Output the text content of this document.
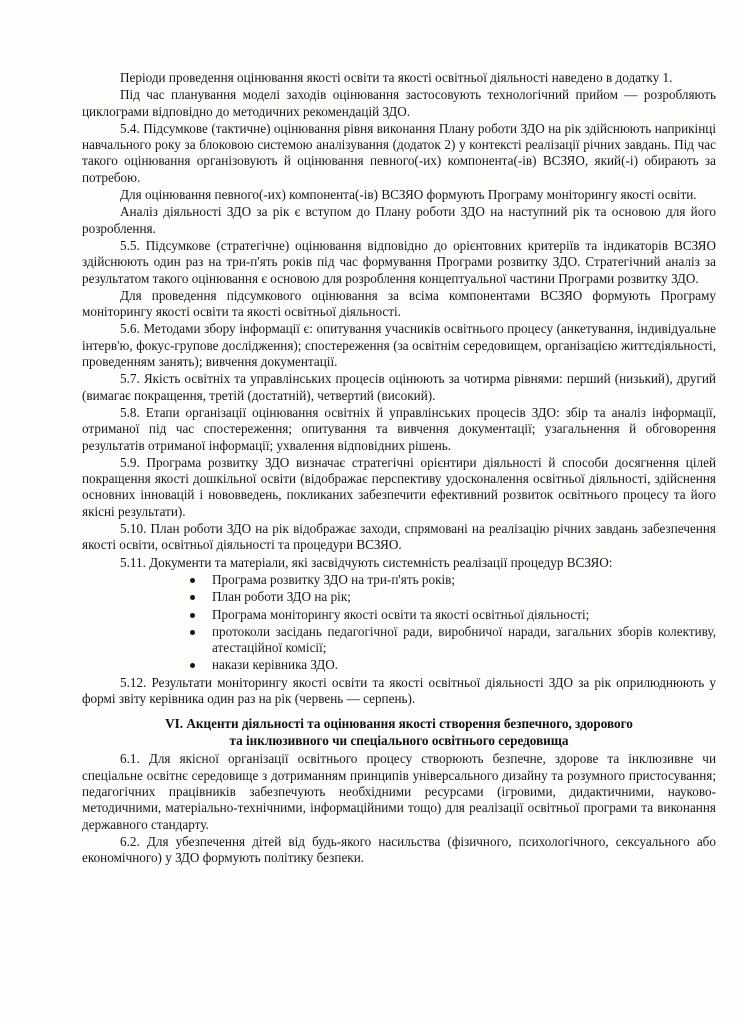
Періоди проведення оцінювання якості освіти та якості освітньої діяльності наведено в додатку 1.

Під час планування моделі заходів оцінювання застосовують технологічний прийом — розробляють циклограми відповідно до методичних рекомендацій ЗДО.

5.4. Підсумкове (тактичне) оцінювання рівня виконання Плану роботи ЗДО на рік здійснюють наприкінці навчального року за блоковою системою аналізування (додаток 2) у контексті реалізації річних завдань. Під час такого оцінювання організовують й оцінювання певного(-их) компонента(-ів) ВСЗЯО, який(-і) обирають за потребою.

Для оцінювання певного(-их) компонента(-ів) ВСЗЯО формують Програму моніторингу якості освіти.

Аналіз діяльності ЗДО за рік є вступом до Плану роботи ЗДО на наступний рік та основою для його розроблення.

5.5. Підсумкове (стратегічне) оцінювання відповідно до орієнтовних критеріїв та індикаторів ВСЗЯО здійснюють один раз на три-п'ять років під час формування Програми розвитку ЗДО. Стратегічний аналіз за результатом такого оцінювання є основою для розроблення концептуальної частини Програми розвитку ЗДО.

Для проведення підсумкового оцінювання за всіма компонентами ВСЗЯО формують Програму моніторингу якості освіти та якості освітньої діяльності.

5.6. Методами збору інформації є: опитування учасників освітнього процесу (анкетування, індивідуальне інтерв'ю, фокус-групове дослідження); спостереження (за освітнім середовищем, організацією життєдіяльності, проведенням занять); вивчення документації.

5.7. Якість освітніх та управлінських процесів оцінюють за чотирма рівнями: перший (низький), другий (вимагає покращення, третій (достатній), четвертий (високий).

5.8. Етапи організації оцінювання освітніх й управлінських процесів ЗДО: збір та аналіз інформації, отриманої під час спостереження; опитування та вивчення документації; узагальнення й обговорення результатів отриманої інформації; ухвалення відповідних рішень.

5.9. Програма розвитку ЗДО визначає стратегічні орієнтири діяльності й способи досягнення цілей покращення якості дошкільної освіти (відображає перспективу удосконалення освітньої діяльності, здійснення основних інновацій і нововведень, покликаних забезпечити ефективний розвиток освітнього процесу та його якісні результати).

5.10. План роботи ЗДО на рік відображає заходи, спрямовані на реалізацію річних завдань забезпечення якості освіти, освітньої діяльності та процедури ВСЗЯО.

5.11. Документи та матеріали, які засвідчують системність реалізації процедур ВСЗЯО:

Програма розвитку ЗДО на три-п'ять років;
План роботи ЗДО на рік;
Програма моніторингу якості освіти та якості освітньої діяльності;
протоколи засідань педагогічної ради, виробничої наради, загальних зборів колективу, атестаційної комісії;
накази керівника ЗДО.

5.12. Результати моніторингу якості освіти та якості освітньої діяльності ЗДО за рік оприлюднюють у формі звіту керівника один раз на рік (червень — серпень).

VI. Акценти діяльності та оцінювання якості створення безпечного, здорового
та інклюзивного чи спеціального освітнього середовища

6.1. Для якісної організації освітнього процесу створюють безпечне, здорове та інклюзивне чи спеціальне освітнє середовище з дотриманням принципів універсального дизайну та розумного пристосування; педагогічних працівників забезпечують необхідними ресурсами (ігровими, дидактичними, науково-методичними, матеріально-технічними, інформаційними тощо) для реалізації освітньої програми та виконання державного стандарту.

6.2. Для убезпечення дітей від будь-якого насильства (фізичного, психологічного, сексуального або економічного) у ЗДО формують політику безпеки.
